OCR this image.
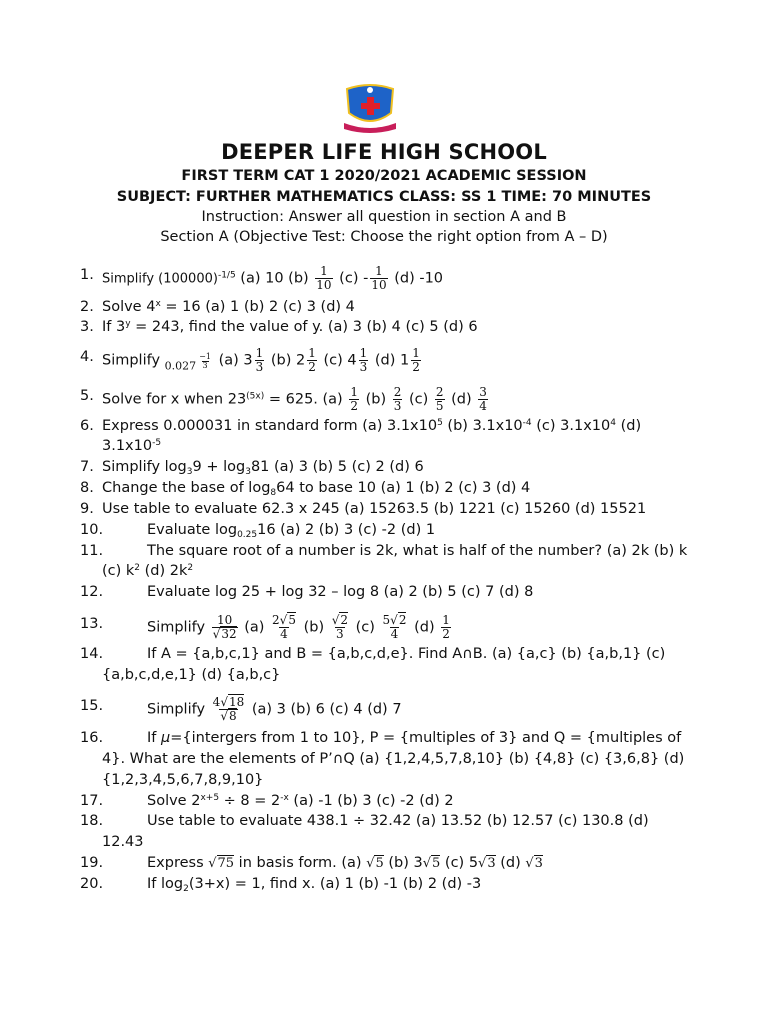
DEEPER LIFE HIGH SCHOOL
FIRST TERM CAT 1 2020/2021 ACADEMIC SESSION
SUBJECT: FURTHER MATHEMATICS CLASS: SS 1 TIME: 70 MINUTES
Instruction: Answer all question in section A and B
Section A (Objective Test: Choose the right option from A – D)
1. Simplify $(100000)^{-1/5}$ (a) 10 $(b) \frac{1}{10} (c) - \frac{1}{10} (d)$ -10
2. Solve $4^x = 16$ (a) 1 (b) 2 (c) 3 (d) 4
3. If $3^y = 243$, find the value of y. (a) 3 (b) 4 (c) 5 (d) 6
4. Simplify $_{0.027} \frac{-1}{3} (a)$ $3 \frac{1}{3} (b)$ $2 \frac{1}{2} (c)$ $4 \frac{1}{3} (d)$ $1 \frac{1}{2}$
5. Solve for x when $23^{(5x)} = 625$. $(a) \frac{1}{2} (b) \frac{2}{3} (c) \frac{2}{5} (d) \frac{3}{4}$
6. Express 0.000031 in standard form (a) $3.1x10^5$ (b) $3.1x10^{-4}$ (c) $3.1x10^4$ (d)
$3.1x10^{-5}$
7. Simplify $\log_39 + \log_381$ (a) 3 (b) 5 (c) 2 (d) 6
8. Change the base of $\log_864$ to base 10 (a) 1 (b) 2 (c) 3 (d) 4
9. Use table to evaluate 62.3 x 245 (a) 15263.5 (b) 1221 (c) 15260 (d) 15521
10.	Evaluate $\log_{0.25}16$ (a) 2 (b) 3 (c) -2 (d) 1
11.	The square root of a number is 2k, what is half of the number? (a) 2k (b) k
(c) $k^2$ (d) $2k^2$
12.	Evaluate log 25 + log 32 – log 8 (a) 2 (b) 5 (c) 7 (d) 8
13.	Simplify $\frac{10}{√32} (a) \frac{2√5}{4} (b) \frac{√2}{3} (c) \frac{5√2}{4} (d) \frac{1}{2}$
14.	If A = {a,b,c,1} and B = {a,b,c,d,e}. Find A∩B. (a) {a,c} (b) {a,b,1} (c)
{a,b,c,d,e,1} (d) {a,b,c}
15.	Simplify $\frac{4√18}{√8} (a)$ 3 (b) 6 (c) 4 (d) 7
16.	If μ={intergers from 1 to 10}, P = {multiples of 3} and Q = {multiples of
4}. What are the elements of P’∩Q (a) {1,2,4,5,7,8,10} (b) {4,8} (c) {3,6,8} (d)
{1,2,3,4,5,6,7,8,9,10}
17.	Solve $2^{x+5} \div 8 = 2^{-x}$ (a) -1 (b) 3 (c) -2 (d) 2
18.	Use table to evaluate 438.1 ÷ 32.42 (a) 13.52 (b) 12.57 (c) 130.8 (d)
12.43
19.	Express √75 in basis form. (a) √5 (b) 3√5 (c) 5√3 (d) √3
20.	If $\log_2(3+x) = 1$, find x. (a) 1 (b) -1 (b) 2 (d) -3
